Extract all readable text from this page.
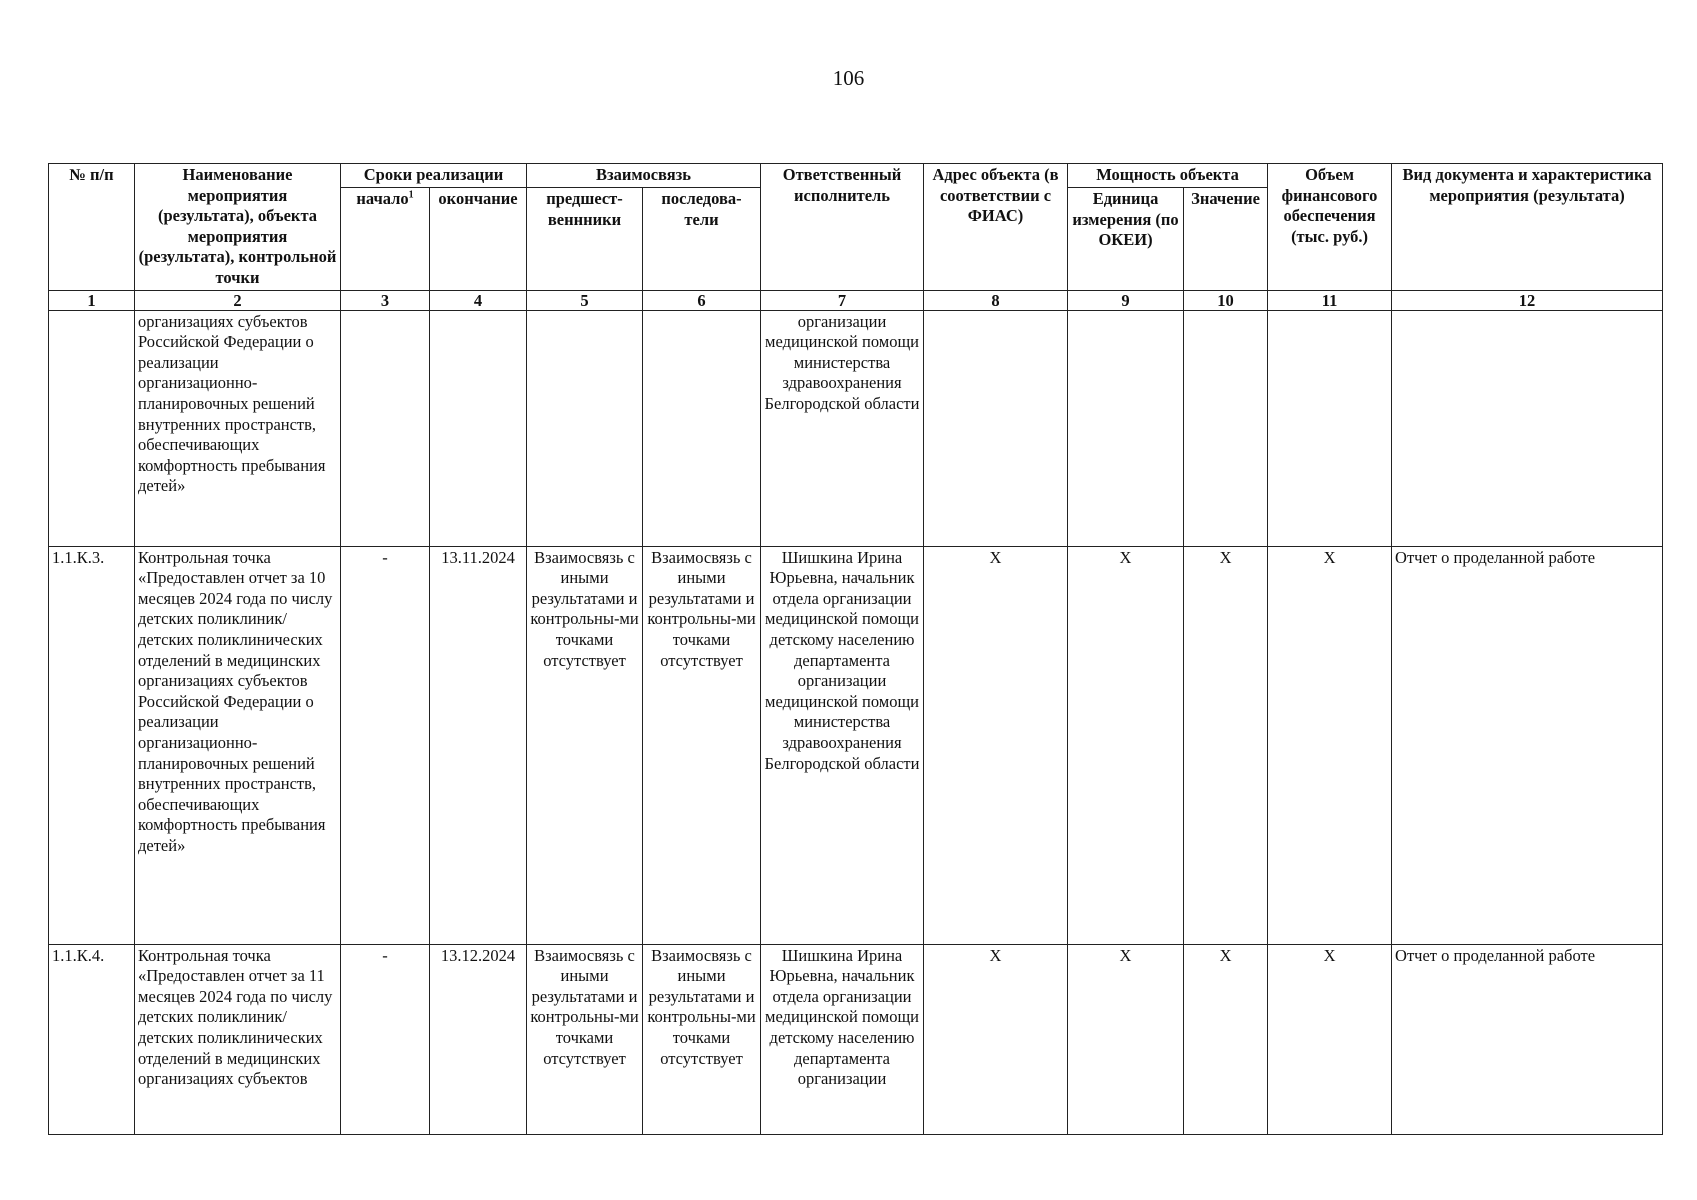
106
№ п/п	Наименование мероприятия (результата), объекта мероприятия (результата), контрольной точки	Сроки реализации		Взаимосвязь		Ответственный исполнитель	Адрес объекта (в соответствии с ФИАС)	Мощность объекта		Объем финансового обеспечения (тыс. руб.)	Вид документа и характеристика мероприятия (результата)
		начало$^1$	окончание	предшест-веннники	последова-тели			Единица измерения (по ОКЕИ)	Значение		
1	2	3	4	5	6	7	8	9	10	11	12
	организациях субъектов Российской Федерации о реализации организационно-планировочных решений внутренних пространств, обеспечивающих комфортность пребывания детей»					организации медицинской помощи министерства здравоохранения Белгородской области					
1.1.К.3.	Контрольная точка «Предоставлен отчет за 10 месяцев 2024 года по числу детских поликлиник/детских поликлинических отделений в медицинских организациях субъектов Российской Федерации о реализации организационно-планировочных решений внутренних пространств, обеспечивающих комфортность пребывания детей»	-	13.11.2024	Взаимосвязь с иными результатами и контрольны-ми точками отсутствует	Взаимосвязь с иными результатами и контрольны-ми точками отсутствует	Шишкина Ирина Юрьевна, начальник отдела организации медицинской помощи детскому населению департамента организации медицинской помощи министерства здравоохранения Белгородской области	X	X	X	X	Отчет о проделанной работе
1.1.К.4.	Контрольная точка «Предоставлен отчет за 11 месяцев 2024 года по числу детских поликлиник/детских поликлинических отделений в медицинских организациях субъектов	-	13.12.2024	Взаимосвязь с иными результатами и контрольны-ми точками отсутствует	Взаимосвязь с иными результатами и контрольны-ми точками отсутствует	Шишкина Ирина Юрьевна, начальник отдела организации медицинской помощи детскому населению департамента организации	X	X	X	X	Отчет о проделанной работе
